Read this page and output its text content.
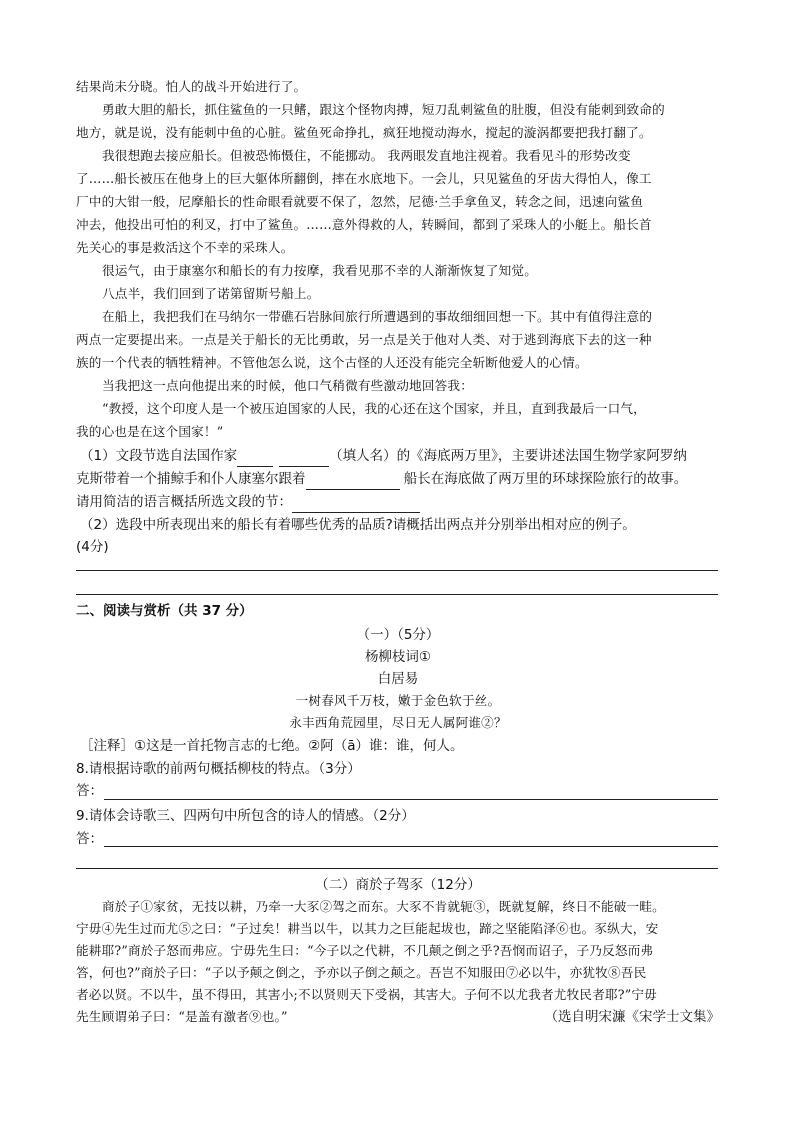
结果尚未分晓。怕人的战斗开始进行了。
勇敢大胆的船长，抓住鲨鱼的一只鳍，跟这个怪物肉搏，短刀乱刺鲨鱼的肚腹，但没有能刺到致命的
地方，就是说，没有能刺中鱼的心脏。鲨鱼死命挣扎，疯狂地搅动海水，搅起的漩涡都要把我打翻了。
我很想跑去接应船长。但被恐怖慑住，不能挪动。 我两眼发直地注视着。我看见斗的形势改变
了……船长被压在他身上的巨大躯体所翻倒，摔在水底地下。一会儿，只见鲨鱼的牙齿大得怕人，像工
厂中的大钳一般，尼摩船长的性命眼看就要不保了，忽然，尼德·兰手拿鱼叉，转念之间，迅速向鲨鱼
冲去，他投出可怕的利叉，打中了鲨鱼。……意外得救的人，转瞬间，都到了采珠人的小艇上。船长首
先关心的事是救活这个不幸的采珠人。
很运气，由于康塞尔和船长的有力按摩，我看见那不幸的人渐渐恢复了知觉。
八点半，我们回到了诺第留斯号船上。
在船上，我把我们在马纳尔一带礁石岩脉间旅行所遭遇到的事故细细回想一下。其中有值得注意的
两点一定要提出来。一点是关于船长的无比勇敢，另一点是关于他对人类、对于逃到海底下去的这一种
族的一个代表的牺牲精神。不管他怎么说，这个古怪的人还没有能完全斩断他爱人的心情。
当我把这一点向他提出来的时候，他口气稍微有些激动地回答我：
“教授，这个印度人是一个被压迫国家的人民，我的心还在这个国家，并且，直到我最后一口气，
我的心也是在这个国家！”
（1）文段节选自法国作家	（填人名）的《海底两万里》，主要讲述法国生物学家阿罗纳
克斯带着一个捕鲸手和仆人康塞尔跟着	船长在海底做了两万里的环球探险旅行的故事。
请用简洁的语言概括所选文段的节：
（2）选段中所表现出来的船长有着哪些优秀的品质?请概括出两点并分别举出相对应的例子。
(4分)
二、阅读与赏析（共 37 分）
（一）（5分）
杨柳枝词①
白居易
一树春风千万枝，嫩于金色软于丝。
永丰西角荒园里，尽日无人属阿谁②？
［注释］①这是一首托物言志的七绝。②阿（ā）谁：谁，何人。
8.请根据诗歌的前两句概括柳枝的特点。（3分）
答：
9.请体会诗歌三、四两句中所包含的诗人的情感。（2分）
答：
（二）商於子驾豕（12分）
商於子①家贫，无技以耕，乃牵一大豕②驾之而东。大豕不肯就轭③，既就复解，终日不能破一畦。
宁毋④先生过而尤⑤之曰：“子过矣！耕当以牛，以其力之巨能起坺也，蹄之坚能陷泽⑥也。豕纵大，安
能耕耶?”商於子怒而弗应。宁毋先生曰：“今子以之代耕，不几颠之倒之乎?吾悯而诏子，子乃反怒而弗
答，何也?”商於子曰：“子以予颠之倒之，予亦以子倒之颠之。吾岂不知服田⑦必以牛，亦犹牧⑧吾民
者必以贤。不以牛，虽不得田，其害小;不以贤则天下受祸，其害大。子何不以尤我者尤牧民者耶?”宁毋
先生顾谓弟子曰：“是盖有激者⑨也。”	（选自明宋濂《宋学士文集》
